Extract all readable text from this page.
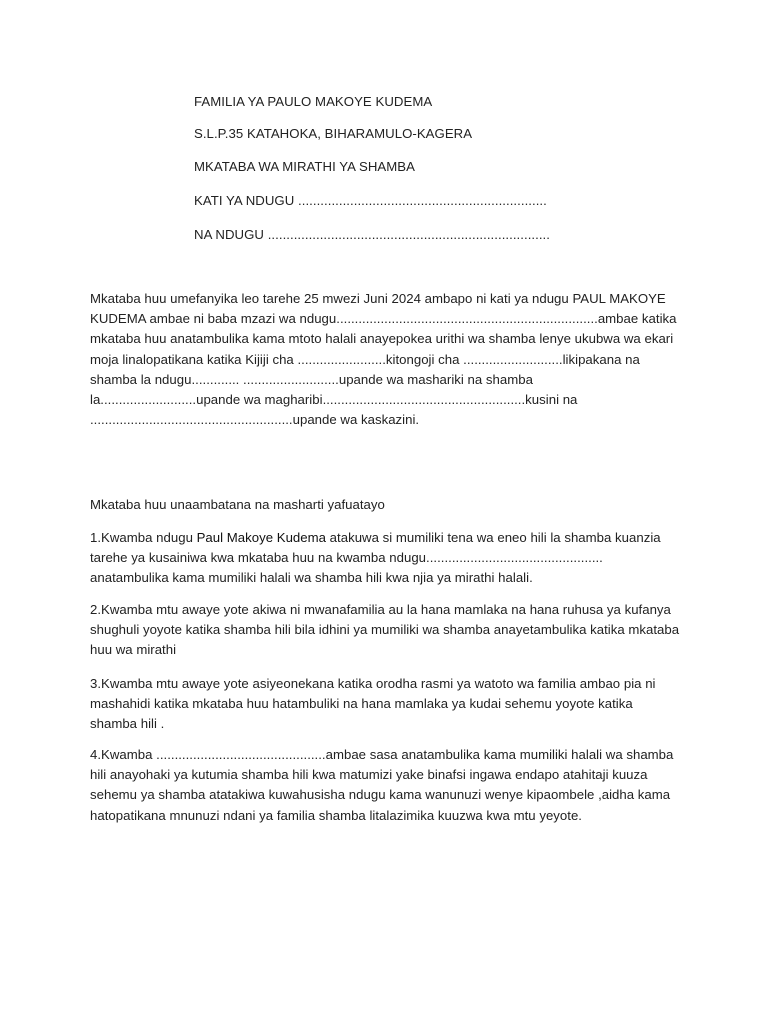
FAMILIA YA PAULO MAKOYE KUDEMA
S.L.P.35 KATAHOKA, BIHARAMULO-KAGERA
MKATABA WA MIRATHI YA SHAMBA
KATI YA NDUGU ...................................................................
NA NDUGU ............................................................................

Mkataba huu umefanyika leo tarehe 25 mwezi Juni 2024 ambapo ni kati ya ndugu PAUL MAKOYE KUDEMA ambae ni baba mzazi wa ndugu.......................................................................ambae katika mkataba huu anatambulika kama mtoto halali anayepokea urithi wa shamba lenye ukubwa wa ekari moja linalopatikana katika Kijiji cha ........................kitongoji cha ...........................likipakana na shamba la ndugu............. ..........................upande wa mashariki na shamba la..........................upande wa magharibi.......................................................kusini na .......................................................upande wa kaskazini.

Mkataba huu unaambatana na masharti yafuatayo

1.Kwamba ndugu Paul Makoye Kudema atakuwa si mumiliki tena wa eneo hili la shamba kuanzia tarehe ya kusainiwa kwa mkataba huu na kwamba ndugu................................................ anatambulika kama mumiliki halali wa shamba hili kwa njia ya mirathi halali.

2.Kwamba mtu awaye yote akiwa ni mwanafamilia au la hana mamlaka na hana ruhusa ya kufanya shughuli yoyote katika shamba hili bila idhini ya mumiliki wa shamba anayetambulika katika mkataba huu wa mirathi

3.Kwamba mtu awaye yote asiyeonekana katika orodha rasmi ya watoto wa familia ambao pia ni mashahidi katika mkataba huu hatambuliki na hana mamlaka ya kudai sehemu yoyote katika shamba hili .

4.Kwamba ..............................................ambae sasa anatambulika kama mumiliki halali wa shamba hili anayohaki ya kutumia shamba hili kwa matumizi yake binafsi ingawa endapo atahitaji kuuza sehemu ya shamba atatakiwa kuwahusisha ndugu kama wanunuzi wenye kipaombele ,aidha kama hatopatikana mnunuzi ndani ya familia shamba litalazimika kuuzwa kwa mtu yeyote.
